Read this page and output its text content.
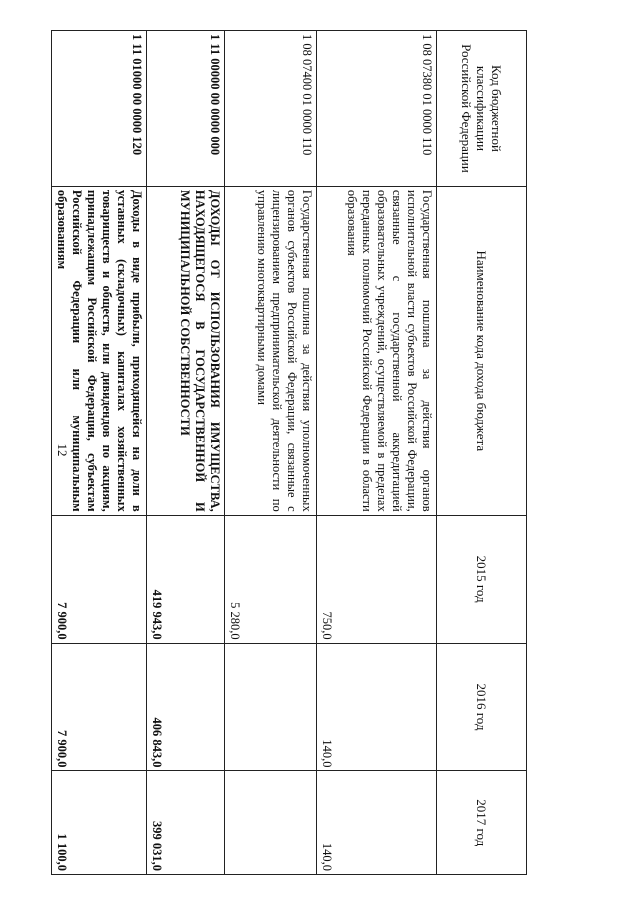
12
Код бюджетной классификации Российской Федерации	Наименование кода дохода бюджета	2015 год	2016 год	2017 год
1 08 07380 01 0000 110	Государственная пошлина за действия органов исполнительной власти субъектов Российской Федерации, связанные с государственной аккредитацией образовательных учреждений, осуществляемой в пределах переданных полномочий Российской Федерации в области образования	750,0	140,0	140,0
1 08 07400 01 0000 110	Государственная пошлина за действия уполномоченных органов субъектов Российской Федерации, связанные с лицензированием предпринимательской деятельности по управлению многоквартирными домами	5 280,0		
1 11 00000 00 0000 000	ДОХОДЫ ОТ ИСПОЛЬЗОВАНИЯ ИМУЩЕСТВА, НАХОДЯЩЕГОСЯ В ГОСУДАРСТВЕННОЙ И МУНИЦИПАЛЬНОЙ СОБСТВЕННОСТИ	419 943,0	406 843,0	399 031,0
1 11 01000 00 0000 120	Доходы в виде прибыли, приходящейся на доли в уставных (складочных) капиталах хозяйственных товариществ и обществ, или дивидендов по акциям, принадлежащим Российской Федерации, субъектам Российской Федерации или муниципальным образованиям	7 900,0	7 900,0	1 100,0
